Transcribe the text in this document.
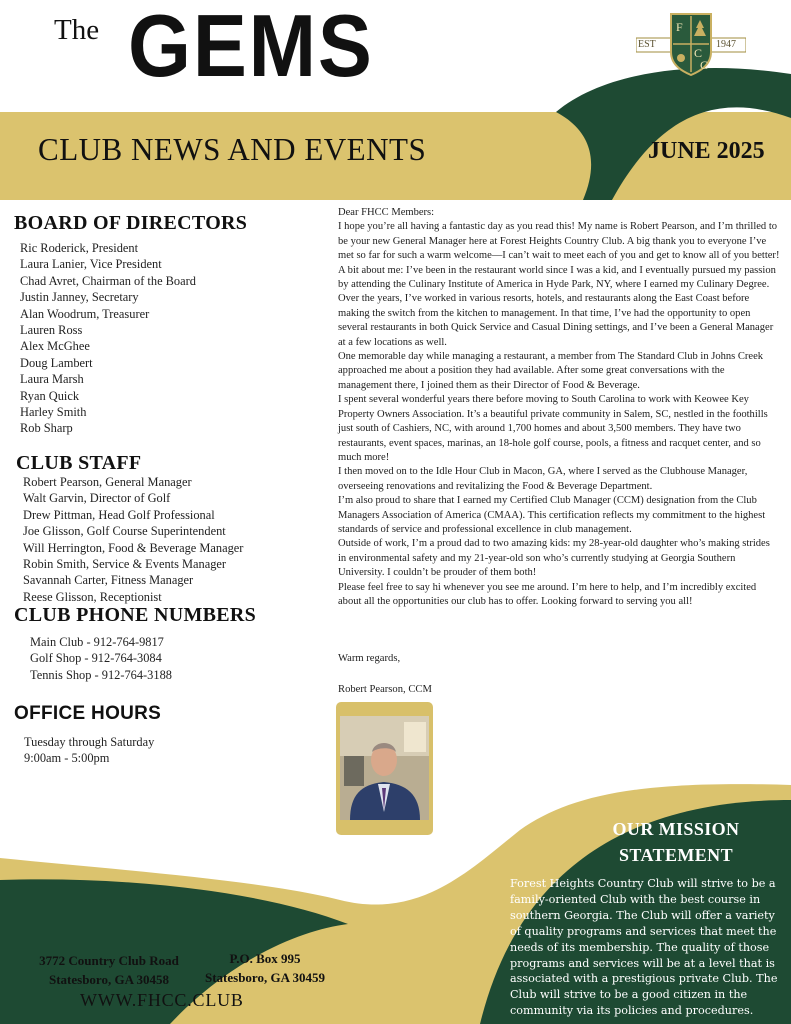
The GEMS	EST	1947
F
C
C
CLUB NEWS AND EVENTS	JUNE 2025
BOARD OF DIRECTORS
Ric Roderick, President
Laura Lanier, Vice President
Chad Avret, Chairman of the Board
Justin Janney, Secretary
Alan Woodrum, Treasurer
Lauren Ross
Alex McGhee
Doug Lambert
Laura Marsh
Ryan Quick
Harley Smith
Rob Sharp
CLUB STAFF
Robert Pearson, General Manager
Walt Garvin, Director of Golf
Drew Pittman, Head Golf Professional
Joe Glisson, Golf Course Superintendent
Will Herrington, Food & Beverage Manager
Robin Smith, Service & Events Manager
Savannah Carter, Fitness Manager
Reese Glisson, Receptionist
CLUB PHONE NUMBERS
Main Club - 912-764-9817
Golf Shop - 912-764-3084
Tennis Shop - 912-764-3188
OFFICE HOURS
Tuesday through Saturday
9:00am - 5:00pm

Dear FHCC Members:

I hope you’re all having a fantastic day as you read this! My name is Robert Pearson, and I’m thrilled to be your new General Manager here at Forest Heights Country Club. A big thank you to everyone I’ve met so far for such a warm welcome—I can’t wait to meet each of you and get to know all of you better!

A bit about me: I’ve been in the restaurant world since I was a kid, and I eventually pursued my passion by attending the Culinary Institute of America in Hyde Park, NY, where I earned my Culinary Degree. Over the years, I’ve worked in various resorts, hotels, and restaurants along the East Coast before making the switch from the kitchen to management. In that time, I’ve had the opportunity to open several restaurants in both Quick Service and Casual Dining settings, and I’ve been a General Manager at a few locations as well.

One memorable day while managing a restaurant, a member from The Standard Club in Johns Creek approached me about a position they had available. After some great conversations with the management there, I joined them as their Director of Food & Beverage.

I spent several wonderful years there before moving to South Carolina to work with Keowee Key Property Owners Association. It’s a beautiful private community in Salem, SC, nestled in the foothills just south of Cashiers, NC, with around 1,700 homes and about 3,500 members. They have two restaurants, event spaces, marinas, an 18-hole golf course, pools, a fitness and racquet center, and so much more!

I then moved on to the Idle Hour Club in Macon, GA, where I served as the Clubhouse Manager, overseeing renovations and revitalizing the Food & Beverage Department.

I’m also proud to share that I earned my Certified Club Manager (CCM) designation from the Club Managers Association of America (CMAA). This certification reflects my commitment to the highest standards of service and professional excellence in club management.

Outside of work, I’m a proud dad to two amazing kids: my 28-year-old daughter who’s making strides in environmental safety and my 21-year-old son who’s currently studying at Georgia Southern University. I couldn’t be prouder of them both!

Please feel free to say hi whenever you see me around. I’m here to help, and I’m incredibly excited about all the opportunities our club has to offer. Looking forward to serving you all!

Warm regards,
Robert Pearson, CCM
OUR MISSION
STATEMENT
Forest Heights Country Club will strive to be a family-oriented Club with the best course in southern Georgia. The Club will offer a variety of quality programs and services that meet the needs of its membership. The quality of those programs and services will be at a level that is associated with a prestigious private Club. The Club will strive to be a good citizen in the community via its policies and procedures.
3772 Country Club Road
Statesboro, GA 30458
P.O. Box 995
Statesboro, GA 30459
WWW.FHCC.CLUB
